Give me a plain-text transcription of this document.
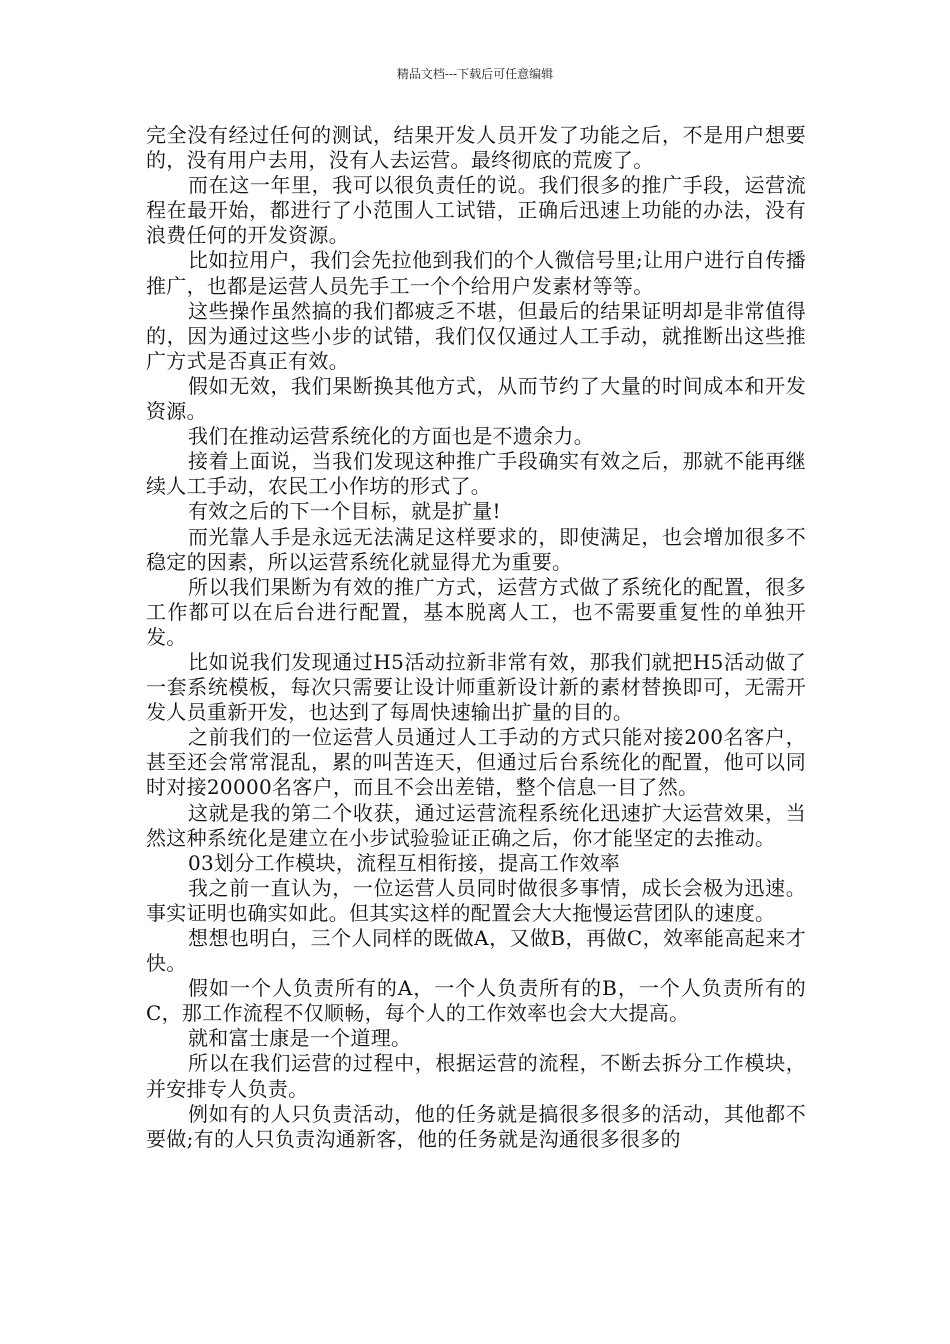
精品文档---下载后可任意编辑

完全没有经过任何的测试，结果开发人员开发了功能之后，不是用户想要的，没有用户去用，没有人去运营。最终彻底的荒废了。

而在这一年里，我可以很负责任的说。我们很多的推广手段，运营流程在最开始，都进行了小范围人工试错，正确后迅速上功能的办法，没有浪费任何的开发资源。

比如拉用户，我们会先拉他到我们的个人微信号里;让用户进行自传播推广，也都是运营人员先手工一个个给用户发素材等等。

这些操作虽然搞的我们都疲乏不堪，但最后的结果证明却是非常值得的，因为通过这些小步的试错，我们仅仅通过人工手动，就推断出这些推广方式是否真正有效。

假如无效，我们果断换其他方式，从而节约了大量的时间成本和开发资源。

我们在推动运营系统化的方面也是不遗余力。

接着上面说，当我们发现这种推广手段确实有效之后，那就不能再继续人工手动，农民工小作坊的形式了。

有效之后的下一个目标，就是扩量!

而光靠人手是永远无法满足这样要求的，即使满足，也会增加很多不稳定的因素，所以运营系统化就显得尤为重要。

所以我们果断为有效的推广方式，运营方式做了系统化的配置，很多工作都可以在后台进行配置，基本脱离人工，也不需要重复性的单独开发。

比如说我们发现通过H5活动拉新非常有效，那我们就把H5活动做了一套系统模板，每次只需要让设计师重新设计新的素材替换即可，无需开发人员重新开发，也达到了每周快速输出扩量的目的。

之前我们的一位运营人员通过人工手动的方式只能对接200名客户，甚至还会常常混乱，累的叫苦连天，但通过后台系统化的配置，他可以同时对接20000名客户，而且不会出差错，整个信息一目了然。

这就是我的第二个收获，通过运营流程系统化迅速扩大运营效果，当然这种系统化是建立在小步试验验证正确之后，你才能坚定的去推动。

03划分工作模块，流程互相衔接，提高工作效率

我之前一直认为，一位运营人员同时做很多事情，成长会极为迅速。事实证明也确实如此。但其实这样的配置会大大拖慢运营团队的速度。

想想也明白，三个人同样的既做A，又做B，再做C，效率能高起来才快。

假如一个人负责所有的A，一个人负责所有的B，一个人负责所有的C，那工作流程不仅顺畅，每个人的工作效率也会大大提高。

就和富士康是一个道理。

所以在我们运营的过程中，根据运营的流程，不断去拆分工作模块，并安排专人负责。

例如有的人只负责活动，他的任务就是搞很多很多的活动，其他都不要做;有的人只负责沟通新客，他的任务就是沟通很多很多的
